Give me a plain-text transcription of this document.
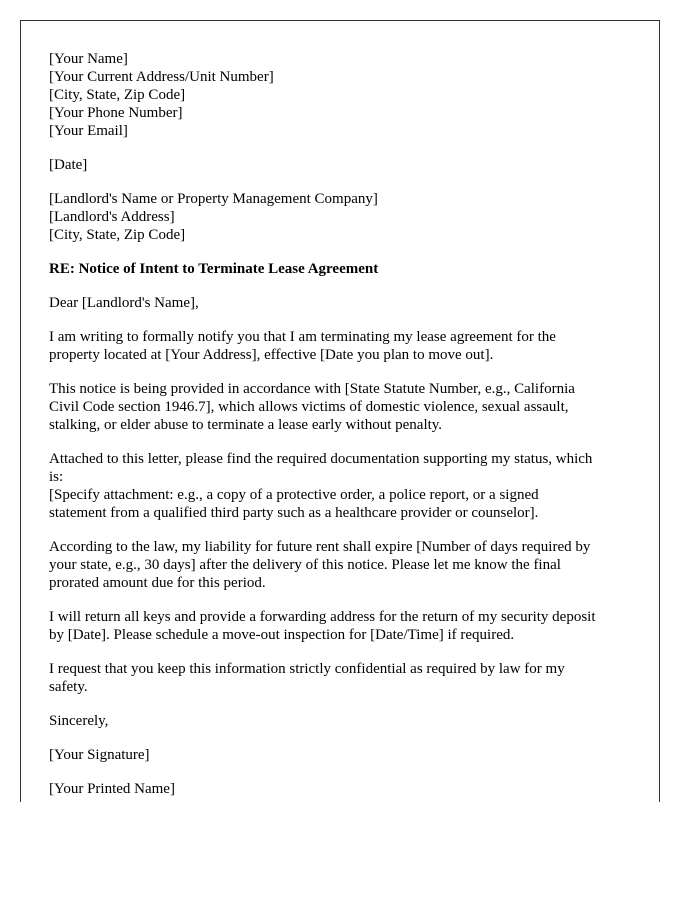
[Your Name]
[Your Current Address/Unit Number]
[City, State, Zip Code]
[Your Phone Number]
[Your Email]
[Date]
[Landlord's Name or Property Management Company]
[Landlord's Address]
[City, State, Zip Code]
RE: Notice of Intent to Terminate Lease Agreement
Dear [Landlord's Name],
I am writing to formally notify you that I am terminating my lease agreement for the
property located at [Your Address], effective [Date you plan to move out].
This notice is being provided in accordance with [State Statute Number, e.g., California
Civil Code section 1946.7], which allows victims of domestic violence, sexual assault,
stalking, or elder abuse to terminate a lease early without penalty.
Attached to this letter, please find the required documentation supporting my status, which
is:
[Specify attachment: e.g., a copy of a protective order, a police report, or a signed
statement from a qualified third party such as a healthcare provider or counselor].
According to the law, my liability for future rent shall expire [Number of days required by
your state, e.g., 30 days] after the delivery of this notice. Please let me know the final
prorated amount due for this period.
I will return all keys and provide a forwarding address for the return of my security deposit
by [Date]. Please schedule a move-out inspection for [Date/Time] if required.
I request that you keep this information strictly confidential as required by law for my
safety.
Sincerely,
[Your Signature]
[Your Printed Name]
